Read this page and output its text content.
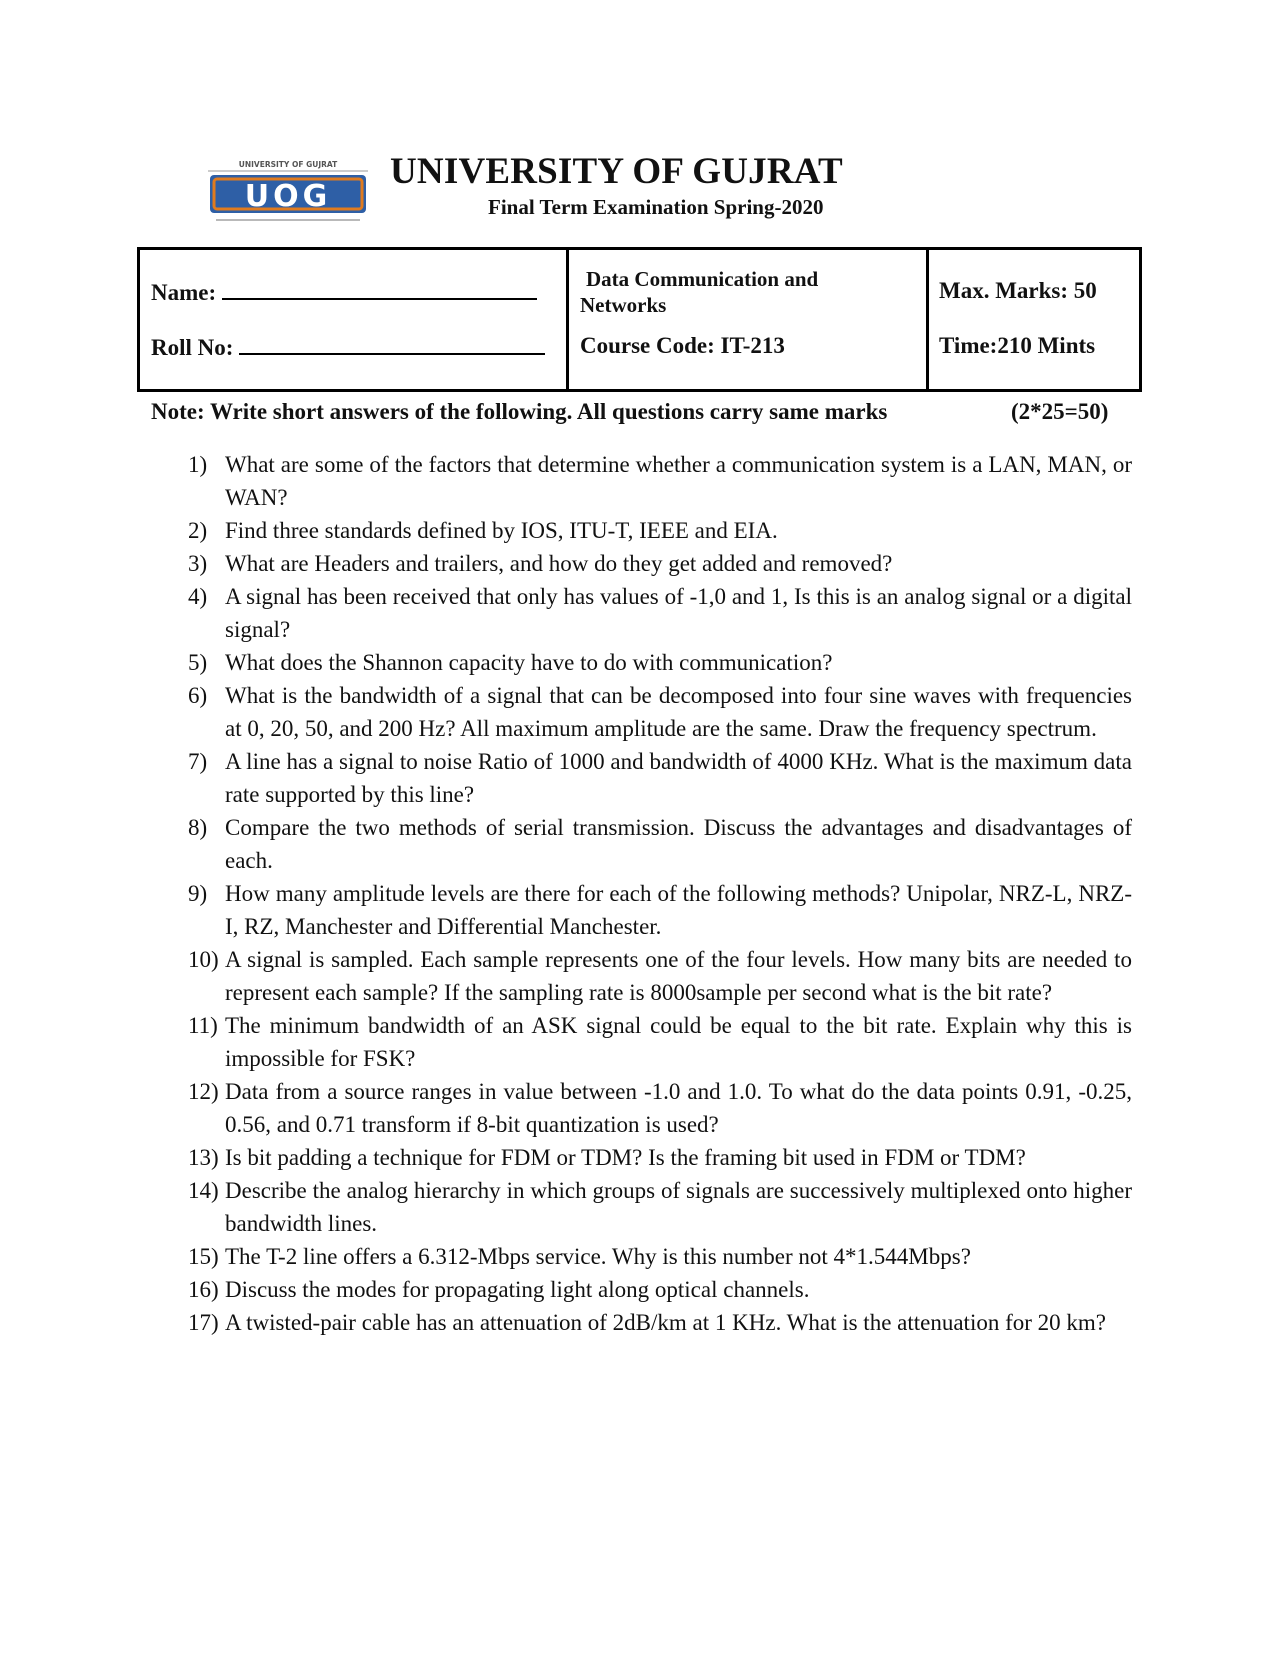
UNIVERSITY OF GUJRAT
UOG
UNIVERSITY OF GUJRAT
Final Term Examination Spring-2020
Name:
Roll No:
Data Communication and
Networks
Course Code: IT-213
Max. Marks: 50
Time:210 Mints
Note: Write short answers of the following. All questions carry same marks	(2*25=50)
1) What are some of the factors that determine whether a communication system is a LAN, MAN, or WAN?
2) Find three standards defined by IOS, ITU-T, IEEE and EIA.
3) What are Headers and trailers, and how do they get added and removed?
4) A signal has been received that only has values of -1,0 and 1, Is this is an analog signal or a digital signal?
5) What does the Shannon capacity have to do with communication?
6) What is the bandwidth of a signal that can be decomposed into four sine waves with frequencies at 0, 20, 50, and 200 Hz? All maximum amplitude are the same. Draw the frequency spectrum.
7) A line has a signal to noise Ratio of 1000 and bandwidth of 4000 KHz. What is the maximum data rate supported by this line?
8) Compare the two methods of serial transmission. Discuss the advantages and disadvantages of each.
9) How many amplitude levels are there for each of the following methods? Unipolar, NRZ-L, NRZ-I, RZ, Manchester and Differential Manchester.
10) A signal is sampled. Each sample represents one of the four levels. How many bits are needed to represent each sample? If the sampling rate is 8000sample per second what is the bit rate?
11) The minimum bandwidth of an ASK signal could be equal to the bit rate. Explain why this is impossible for FSK?
12) Data from a source ranges in value between -1.0 and 1.0. To what do the data points 0.91, -0.25, 0.56, and 0.71 transform if 8-bit quantization is used?
13) Is bit padding a technique for FDM or TDM? Is the framing bit used in FDM or TDM?
14) Describe the analog hierarchy in which groups of signals are successively multiplexed onto higher bandwidth lines.
15) The T-2 line offers a 6.312-Mbps service. Why is this number not 4*1.544Mbps?
16) Discuss the modes for propagating light along optical channels.
17) A twisted-pair cable has an attenuation of 2dB/km at 1 KHz. What is the attenuation for 20 km?
